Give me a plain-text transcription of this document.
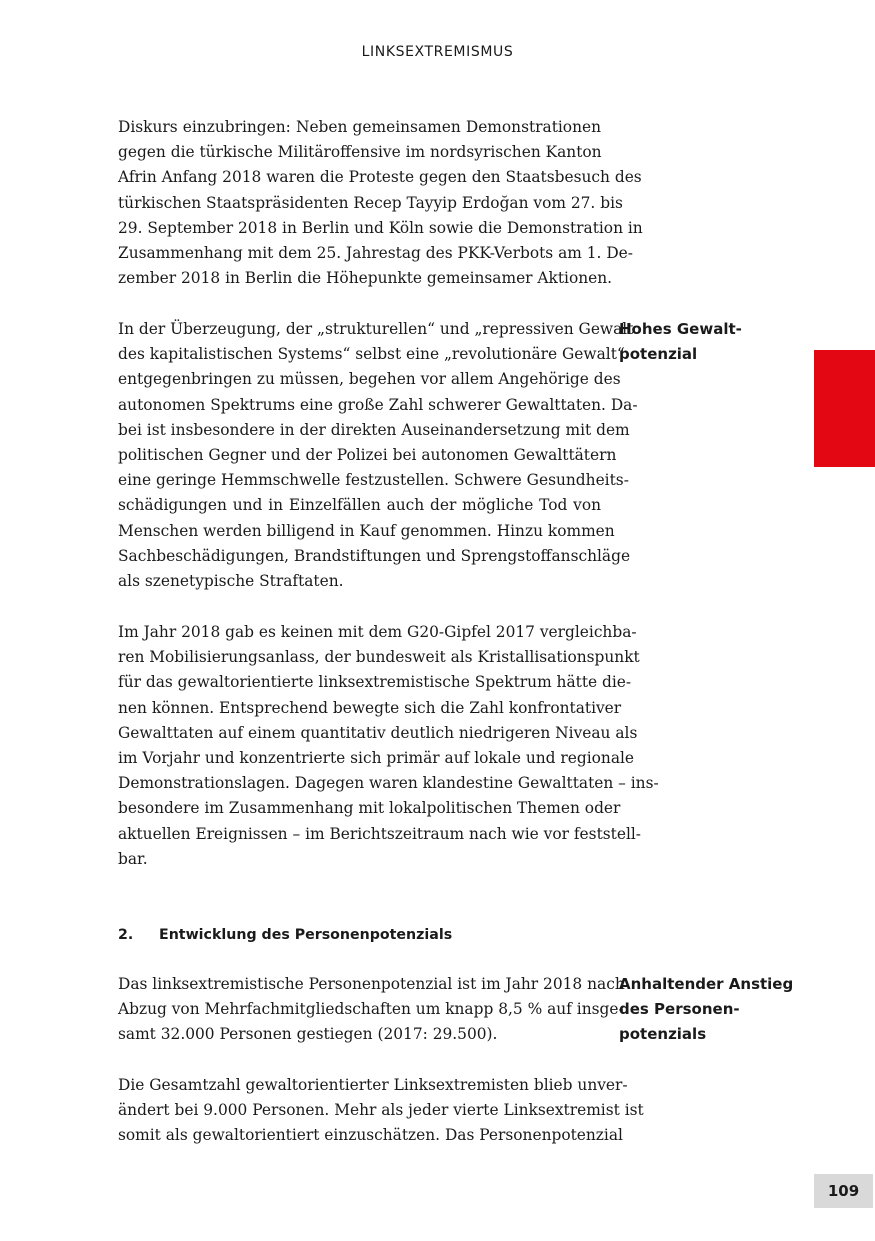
LINKSEXTREMISMUS
Diskurs einzubringen: Neben gemeinsamen Demonstrationen
gegen die türkische Militäroffensive im nordsyrischen Kanton
Afrin Anfang 2018 waren die Proteste gegen den Staatsbesuch des
türkischen Staatspräsidenten Recep Tayyip Erdoğan vom 27. bis
29. September 2018 in Berlin und Köln sowie die Demonstration in
Zusammenhang mit dem 25. Jahrestag des PKK-Verbots am 1. De-
zember 2018 in Berlin die Höhepunkte gemeinsamer Aktionen.
In der Überzeugung, der „strukturellen“ und „repressiven Gewalt
des kapitalistischen Systems“ selbst eine „revolutionäre Gewalt“
entgegenbringen zu müssen, begehen vor allem Angehörige des
autonomen Spektrums eine große Zahl schwerer Gewalttaten. Da-
bei ist insbesondere in der direkten Auseinandersetzung mit dem
politischen Gegner und der Polizei bei autonomen Gewalttätern
eine geringe Hemmschwelle festzustellen. Schwere Gesundheits-
schädigungen und in Einzelfällen auch der mögliche Tod von
Menschen werden billigend in Kauf genommen. Hinzu kommen
Sachbeschädigungen, Brandstiftungen und Sprengstoffanschläge
als szenetypische Straftaten.
Im Jahr 2018 gab es keinen mit dem G20-Gipfel 2017 vergleichba-
ren Mobilisierungsanlass, der bundesweit als Kristallisationspunkt
für das gewaltorientierte linksextremistische Spektrum hätte die-
nen können. Entsprechend bewegte sich die Zahl konfrontativer
Gewalttaten auf einem quantitativ deutlich niedrigeren Niveau als
im Vorjahr und konzentrierte sich primär auf lokale und regionale
Demonstrationslagen. Dagegen waren klandestine Gewalttaten – ins-
besondere im Zusammenhang mit lokalpolitischen Themen oder
aktuellen Ereignissen – im Berichtszeitraum nach wie vor feststell-
bar.
2. Entwicklung des Personenpotenzials
Das linksextremistische Personenpotenzial ist im Jahr 2018 nach
Abzug von Mehrfachmitgliedschaften um knapp 8,5 % auf insge-
samt 32.000 Personen gestiegen (2017: 29.500).
Die Gesamtzahl gewaltorientierter Linksextremisten blieb unver-
ändert bei 9.000 Personen. Mehr als jeder vierte Linksextremist ist
somit als gewaltorientiert einzuschätzen. Das Personenpotenzial
Hohes Gewalt-
potenzial
Anhaltender Anstieg
des Personen-
potenzials
109
